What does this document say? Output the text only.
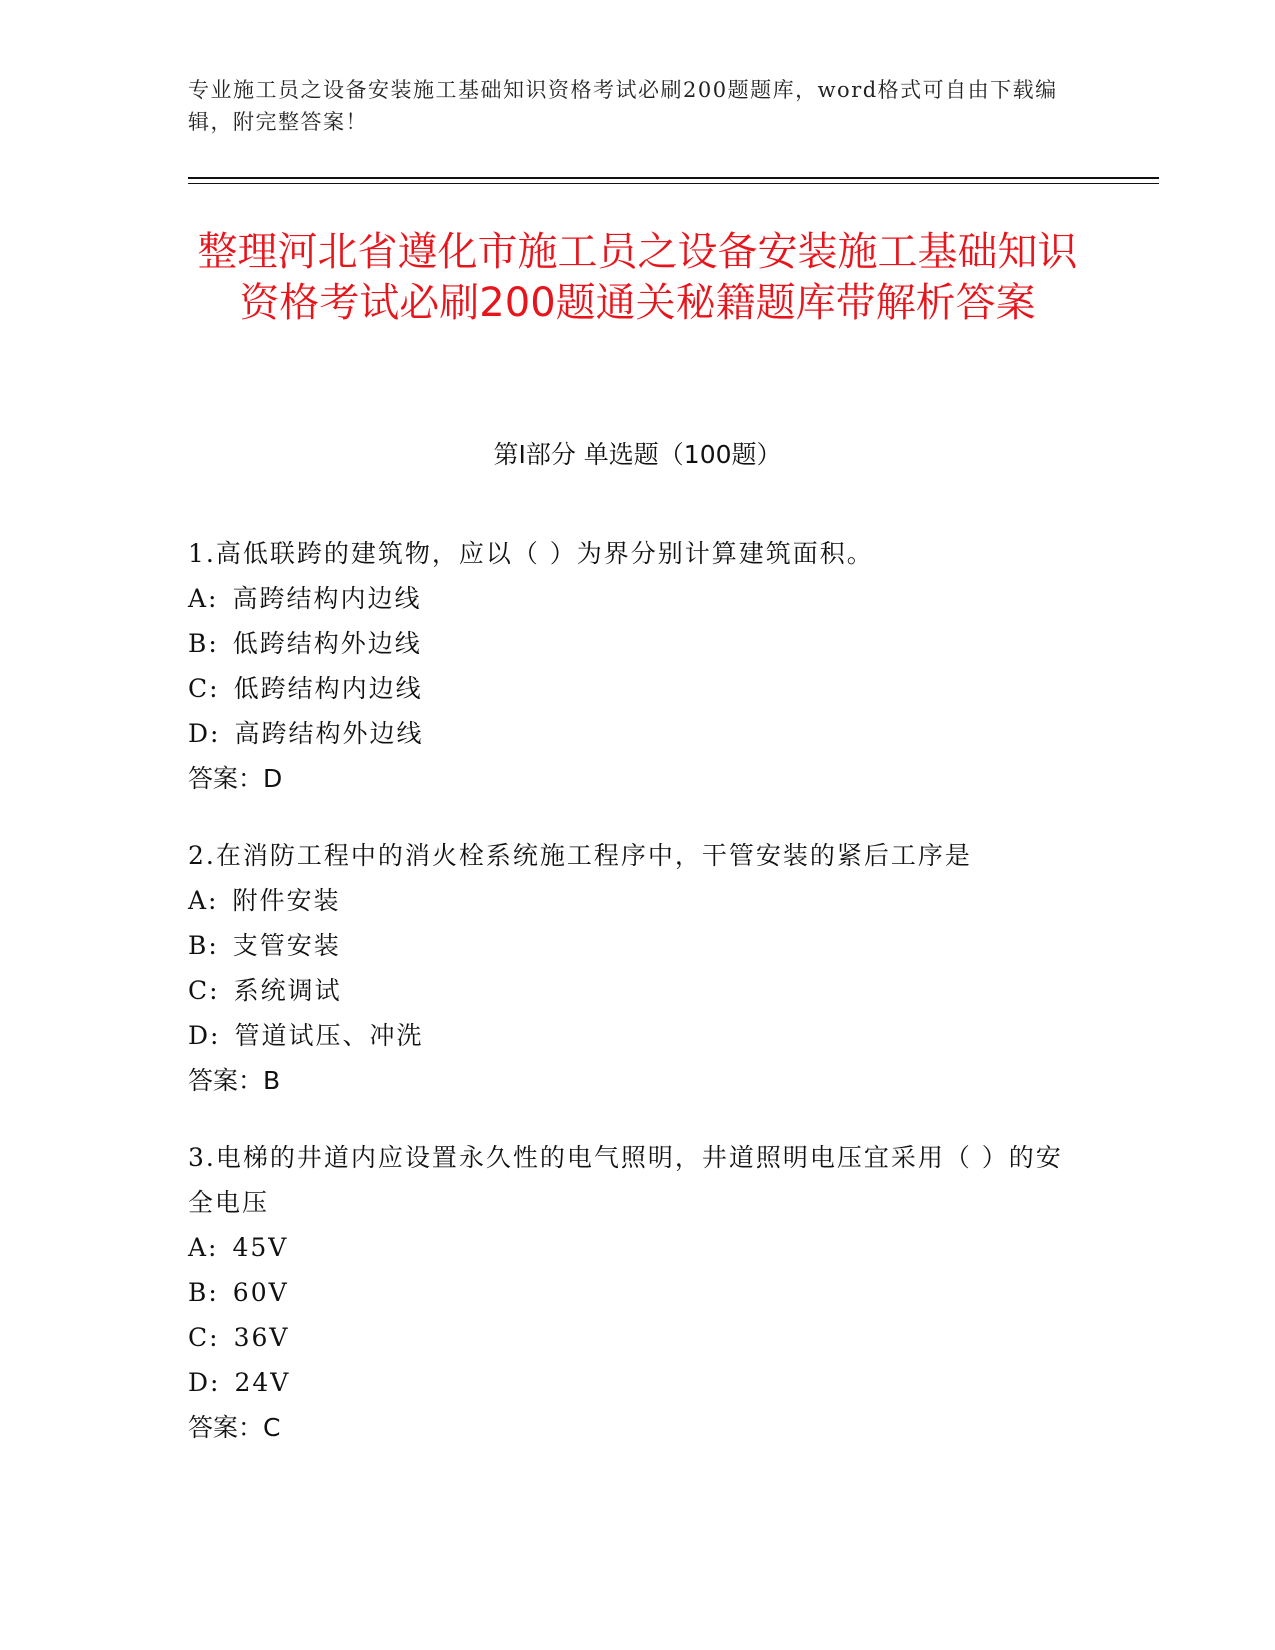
专业施工员之设备安装施工基础知识资格考试必刷200题题库，word格式可自由下载编辑，附完整答案！
整理河北省遵化市施工员之设备安装施工基础知识资格考试必刷200题通关秘籍题库带解析答案
第I部分 单选题（100题）
1.高低联跨的建筑物，应以（ ）为界分别计算建筑面积。
A: 高跨结构内边线
B: 低跨结构外边线
C: 低跨结构内边线
D: 高跨结构外边线
答案：D
2.在消防工程中的消火栓系统施工程序中，干管安装的紧后工序是
A: 附件安装
B: 支管安装
C: 系统调试
D: 管道试压、冲洗
答案：B
3.电梯的井道内应设置永久性的电气照明，井道照明电压宜采用（ ）的安全电压
A: 45V
B: 60V
C: 36V
D: 24V
答案：C
